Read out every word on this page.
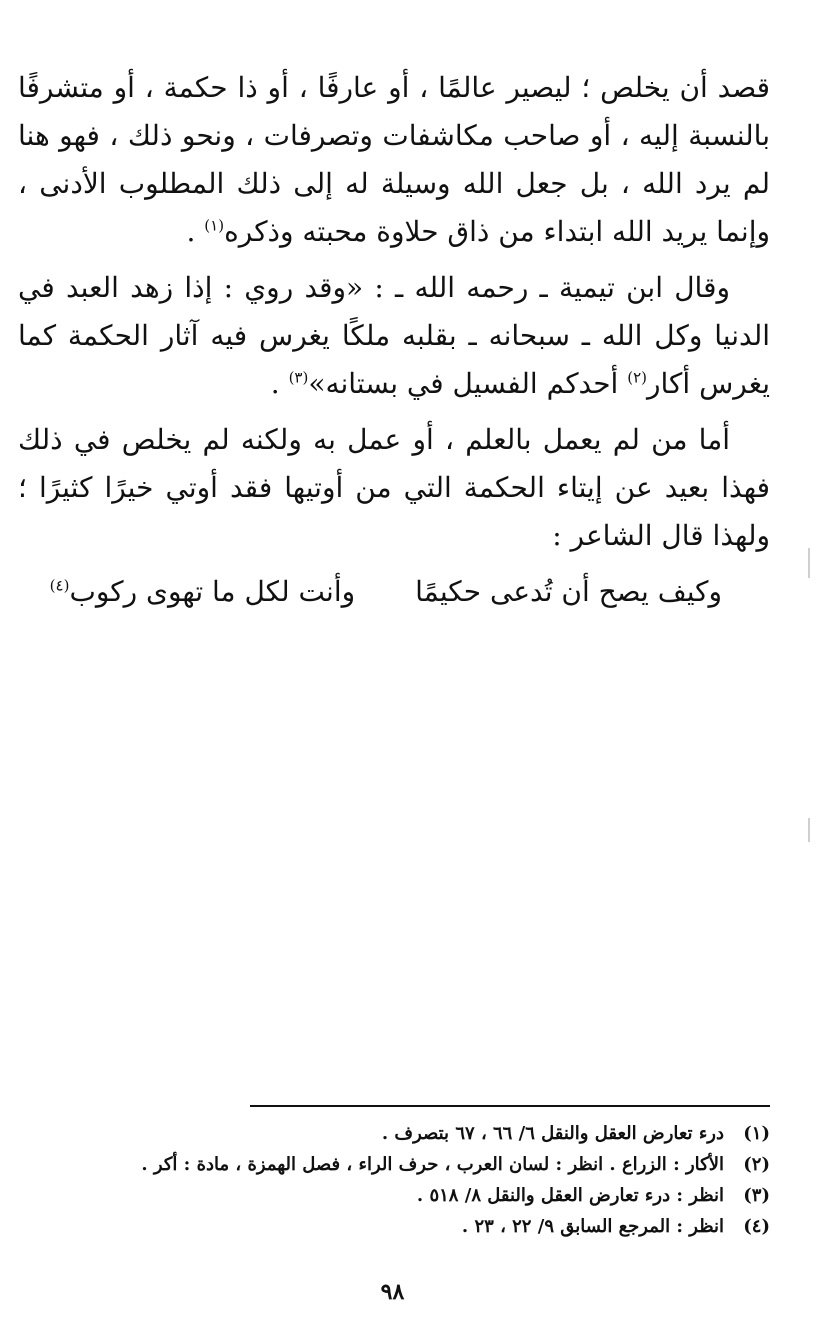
قصد أن يخلص ؛ ليصير عالمًا ، أو عارفًا ، أو ذا حكمة ، أو متشرفًا بالنسبة إليه ، أو صاحب مكاشفات وتصرفات ، ونحو ذلك ، فهو هنا لم يرد الله ، بل جعل الله وسيلة له إلى ذلك المطلوب الأدنى ، وإنما يريد الله ابتداء من ذاق حلاوة محبته وذكره$^{(١)}$ .

وقال ابن تيمية ـ رحمه الله ـ : «وقد روي : إذا زهد العبد في الدنيا وكل الله ـ سبحانه ـ بقلبه ملكًا يغرس فيه آثار الحكمة كما يغرس أكار$^{(٢)}$ أحدكم الفسيل في بستانه»$^{(٣)}$ .

أما من لم يعمل بالعلم ، أو عمل به ولكنه لم يخلص في ذلك فهذا بعيد عن إيتاء الحكمة التي من أوتيها فقد أوتي خيرًا كثيرًا ؛ ولهذا قال الشاعر :

وكيف يصح أن تُدعى حكيمًا
وأنت لكل ما تهوى ركوب$^{(٤)}$
(١)
درء تعارض العقل والنقل ٦/ ٦٦ ، ٦٧ بتصرف .
(٢)
الأكار : الزراع . انظر : لسان العرب ، حرف الراء ، فصل الهمزة ، مادة : أكر .
(٣)
انظر : درء تعارض العقل والنقل ٨/ ٥١٨ .
(٤)
انظر : المرجع السابق ٩/ ٢٢ ، ٢٣ .
٩٨
